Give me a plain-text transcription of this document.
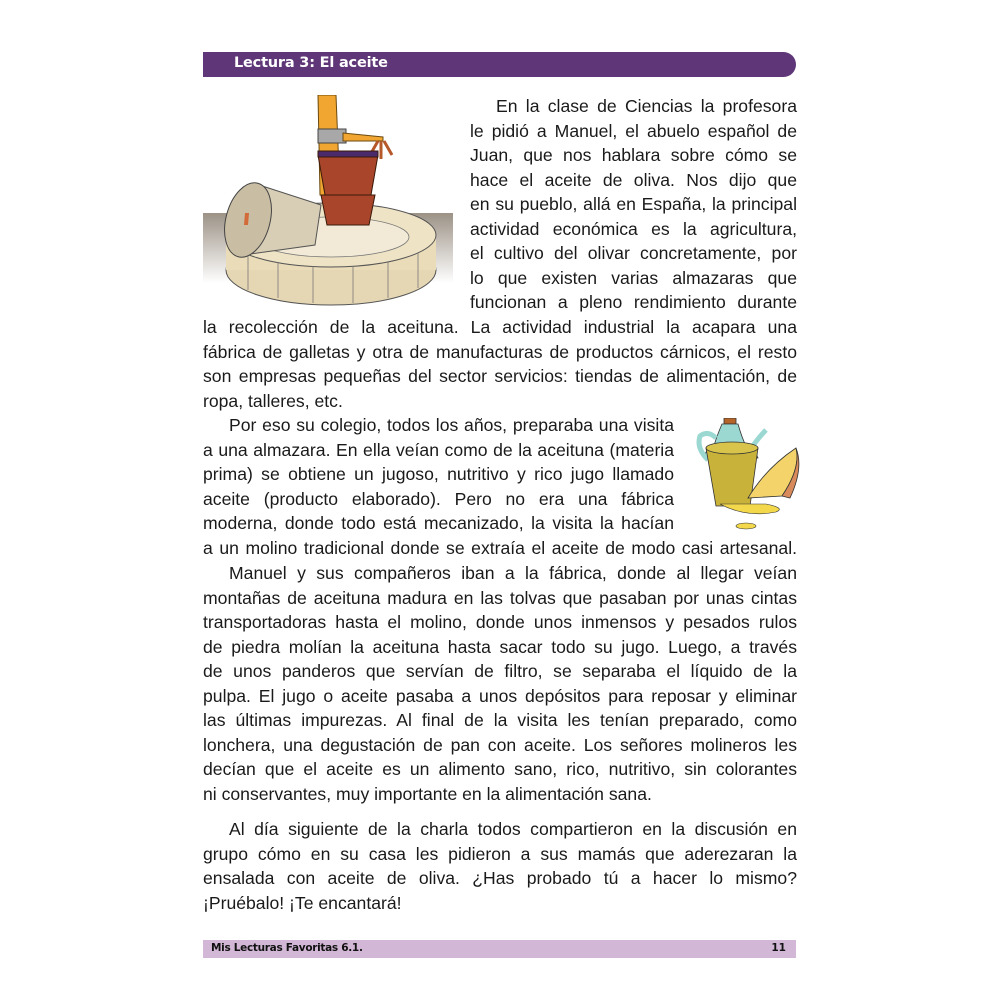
Lectura 3: El aceite
En la clase de Ciencias la profesora
le pidió a Manuel, el abuelo español de
Juan, que nos hablara sobre cómo se
hace el aceite de oliva. Nos dijo que
en su pueblo, allá en España, la principal
actividad económica es la agricultura,
el cultivo del olivar concretamente, por
lo que existen varias almazaras que
funcionan a pleno rendimiento durante
la recolección de la aceituna. La actividad industrial la acapara una
fábrica de galletas y otra de manufacturas de productos cárnicos, el resto
son empresas pequeñas del sector servicios: tiendas de alimentación, de
ropa, talleres, etc.
Por eso su colegio, todos los años, preparaba una visita
a una almazara. En ella veían como de la aceituna (materia
prima) se obtiene un jugoso, nutritivo y rico jugo llamado
aceite (producto elaborado). Pero no era una fábrica
moderna, donde todo está mecanizado, la visita la hacían
a un molino tradicional donde se extraía el aceite de modo casi artesanal.
Manuel y sus compañeros iban a la fábrica, donde al llegar veían
montañas de aceituna madura en las tolvas que pasaban por unas cintas
transportadoras hasta el molino, donde unos inmensos y pesados rulos
de piedra molían la aceituna hasta sacar todo su jugo. Luego, a través
de unos panderos que servían de filtro, se separaba el líquido de la
pulpa. El jugo o aceite pasaba a unos depósitos para reposar y eliminar
las últimas impurezas. Al final de la visita les tenían preparado, como
lonchera, una degustación de pan con aceite. Los señores molineros les
decían que el aceite es un alimento sano, rico, nutritivo, sin colorantes
ni conservantes, muy importante en la alimentación sana.
Al día siguiente de la charla todos compartieron en la discusión en
grupo cómo en su casa les pidieron a sus mamás que aderezaran la
ensalada con aceite de oliva. ¿Has probado tú a hacer lo mismo?
¡Pruébalo! ¡Te encantará!
Mis Lecturas Favoritas 6.1.	11
